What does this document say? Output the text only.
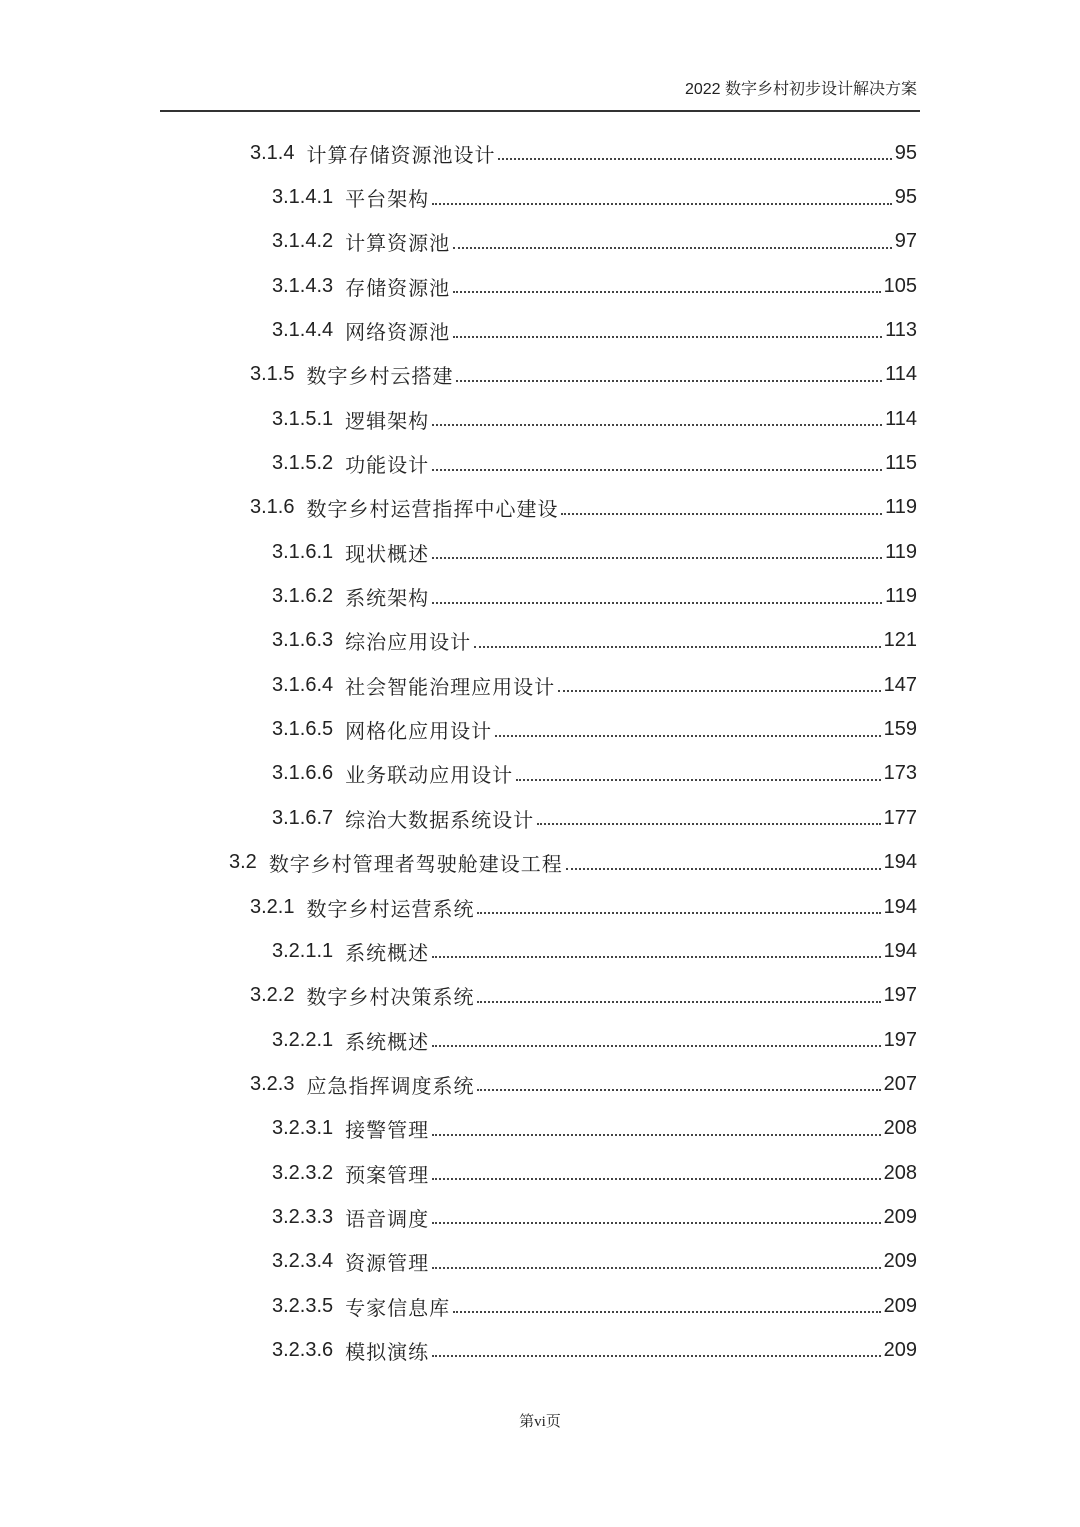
2022 数字乡村初步设计解决方案
3.1.4 计算存储资源池设计	95
3.1.4.1 平台架构	95
3.1.4.2 计算资源池	97
3.1.4.3 存储资源池	105
3.1.4.4 网络资源池	113
3.1.5 数字乡村云搭建	114
3.1.5.1 逻辑架构	114
3.1.5.2 功能设计	115
3.1.6 数字乡村运营指挥中心建设	119
3.1.6.1 现状概述	119
3.1.6.2 系统架构	119
3.1.6.3 综治应用设计	121
3.1.6.4 社会智能治理应用设计	147
3.1.6.5 网格化应用设计	159
3.1.6.6 业务联动应用设计	173
3.1.6.7 综治大数据系统设计	177
3.2 数字乡村管理者驾驶舱建设工程	194
3.2.1 数字乡村运营系统	194
3.2.1.1 系统概述	194
3.2.2 数字乡村决策系统	197
3.2.2.1 系统概述	197
3.2.3 应急指挥调度系统	207
3.2.3.1 接警管理	208
3.2.3.2 预案管理	208
3.2.3.3 语音调度	209
3.2.3.4 资源管理	209
3.2.3.5 专家信息库	209
3.2.3.6 模拟演练	209
第vi页
